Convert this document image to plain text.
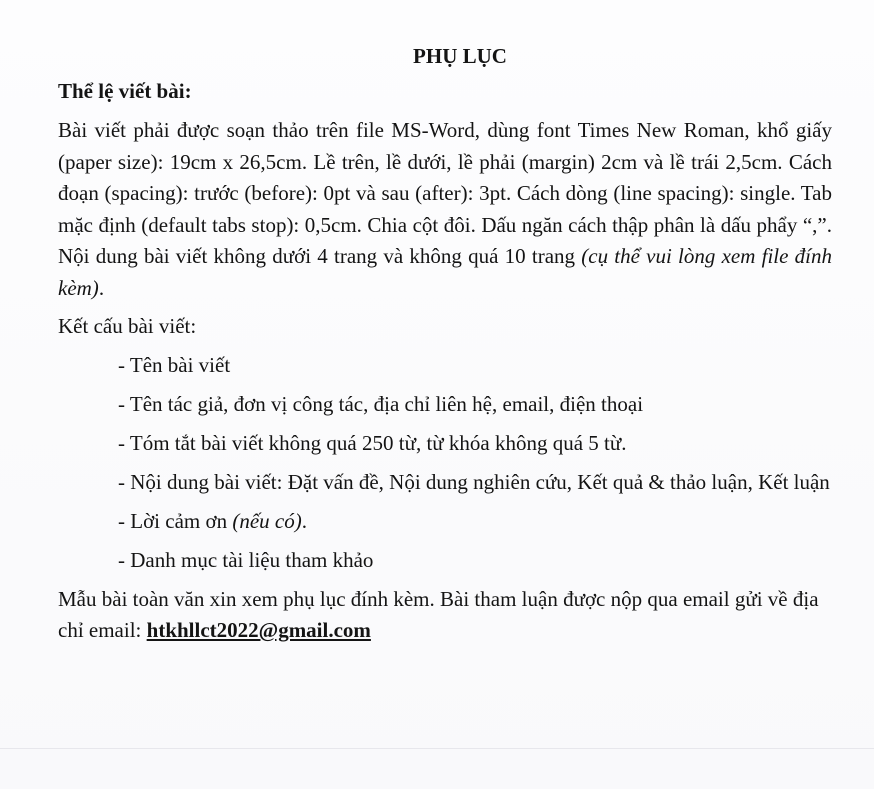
PHỤ LỤC
Thể lệ viết bài:

Bài viết phải được soạn thảo trên file MS-Word, dùng font Times New Roman, khổ giấy (paper size): 19cm x 26,5cm. Lề trên, lề dưới, lề phải (margin) 2cm và lề trái 2,5cm. Cách đoạn (spacing): trước (before): 0pt và sau (after): 3pt. Cách dòng (line spacing): single. Tab mặc định (default tabs stop): 0,5cm. Chia cột đôi. Dấu ngăn cách thập phân là dấu phẩy “,”. Nội dung bài viết không dưới 4 trang và không quá 10 trang (cụ thể vui lòng xem file đính kèm).

Kết cấu bài viết:
- Tên bài viết
- Tên tác giả, đơn vị công tác, địa chỉ liên hệ, email, điện thoại
- Tóm tắt bài viết không quá 250 từ, từ khóa không quá 5 từ.
- Nội dung bài viết: Đặt vấn đề, Nội dung nghiên cứu, Kết quả & thảo luận, Kết luận
- Lời cảm ơn (nếu có).
- Danh mục tài liệu tham khảo

Mẫu bài toàn văn xin xem phụ lục đính kèm. Bài tham luận được nộp qua email gửi về địa chỉ email: htkhllct2022@gmail.com
